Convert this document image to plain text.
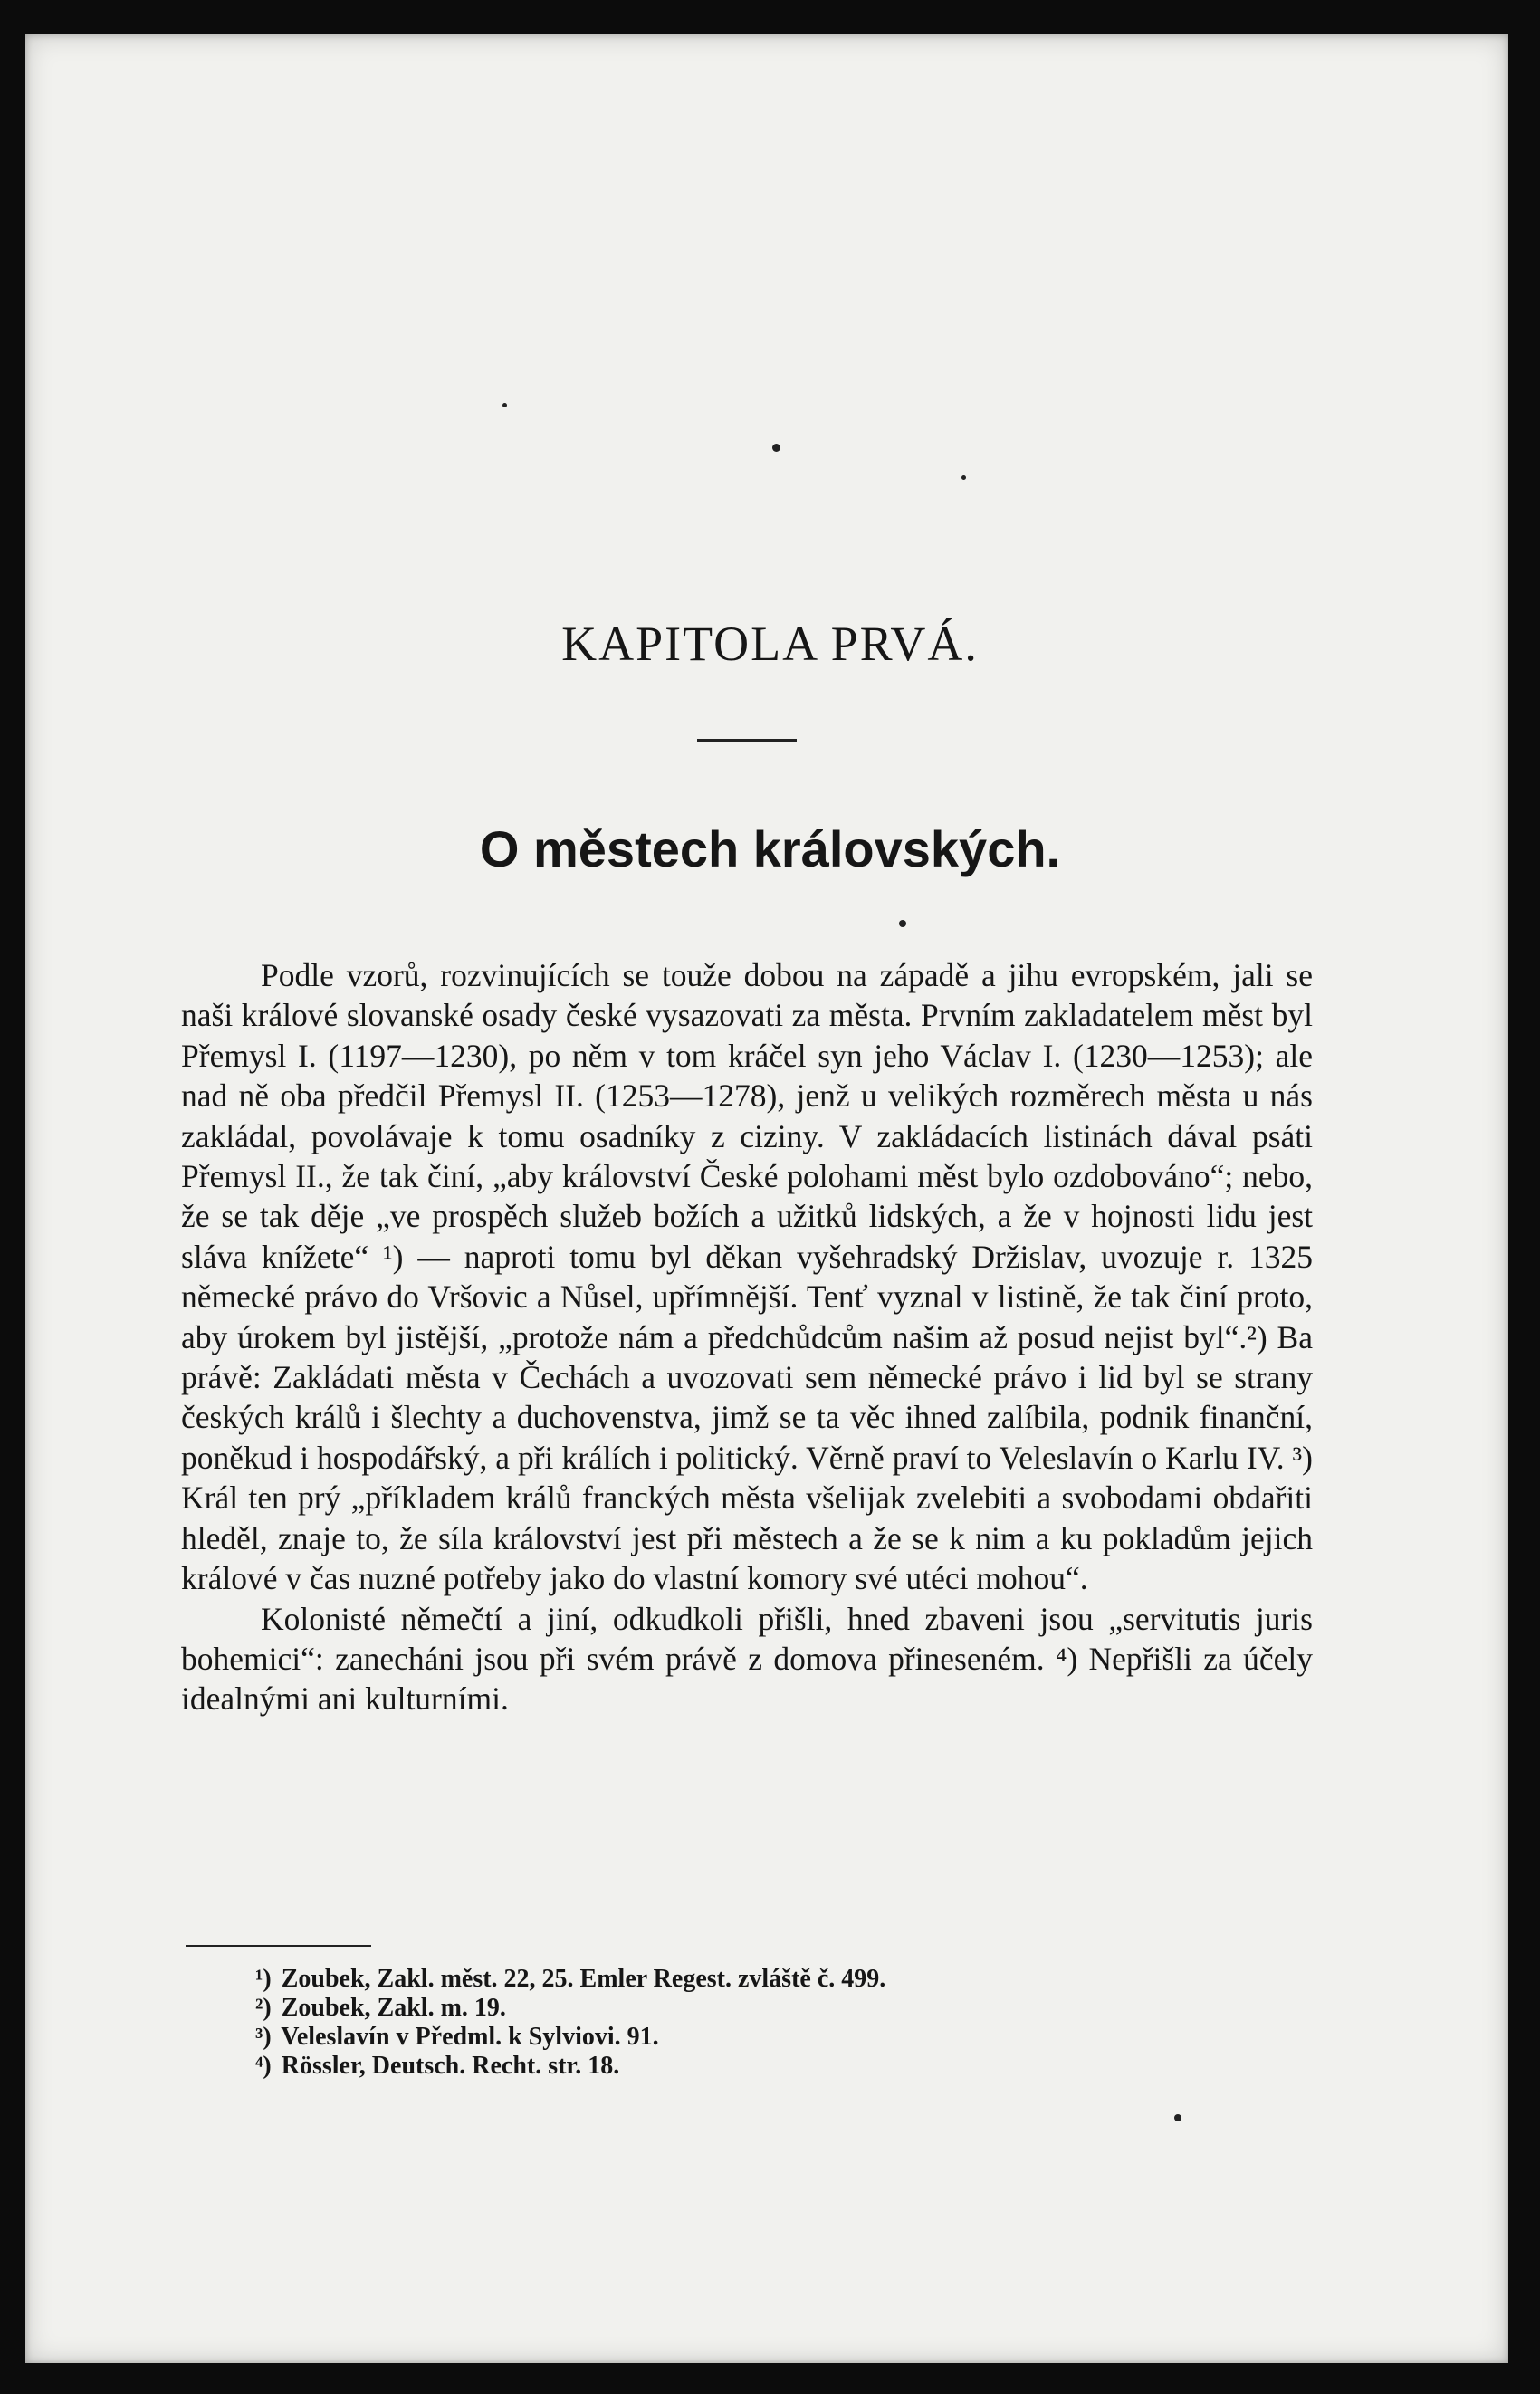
KAPITOLA PRVÁ.
O městech královských.

Podle vzorů, rozvinujících se touže dobou na západě a jihu evropském, jali se naši králové slovanské osady české vysazovati za města. Prvním zakladatelem měst byl Přemysl I. (1197—1230), po něm v tom kráčel syn jeho Václav I. (1230—1253); ale nad ně oba předčil Přemysl II. (1253—1278), jenž u velikých rozměrech města u nás zakládal, povolávaje k tomu osadníky z ciziny. V zakládacích listinách dával psáti Přemysl II., že tak činí, „aby království České polohami měst bylo ozdobováno“; nebo, že se tak děje „ve prospěch služeb božích a užitků lidských, a že v hojnosti lidu jest sláva knížete“ ¹) — naproti tomu byl děkan vyšehradský Držislav, uvozuje r. 1325 německé právo do Vršovic a Nůsel, upřímnější. Tenť vyznal v listině, že tak činí proto, aby úrokem byl jistější, „protože nám a předchůdcům našim až posud nejist byl“.²) Ba právě: Zakládati města v Čechách a uvozovati sem německé právo i lid byl se strany českých králů i šlechty a duchovenstva, jimž se ta věc ihned zalíbila, podnik finanční, poněkud i hospodářský, a při králích i politický. Věrně praví to Veleslavín o Karlu IV. ³) Král ten prý „příkladem králů franckých města všelijak zvelebiti a svobodami obdařiti hleděl, znaje to, že síla království jest při městech a že se k nim a ku pokladům jejich králové v čas nuzné potřeby jako do vlastní komory své utéci mohou“.

Kolonisté němečtí a jiní, odkudkoli přišli, hned zbaveni jsou „servitutis juris bohemici“: zanecháni jsou při svém právě z domova přineseném. ⁴) Nepřišli za účely idealnými ani kulturními.

¹) Zoubek, Zakl. měst. 22, 25. Emler Regest. zvláště č. 499.
²) Zoubek, Zakl. m. 19.
³) Veleslavín v Předml. k Sylviovi. 91.
⁴) Rössler, Deutsch. Recht. str. 18.
